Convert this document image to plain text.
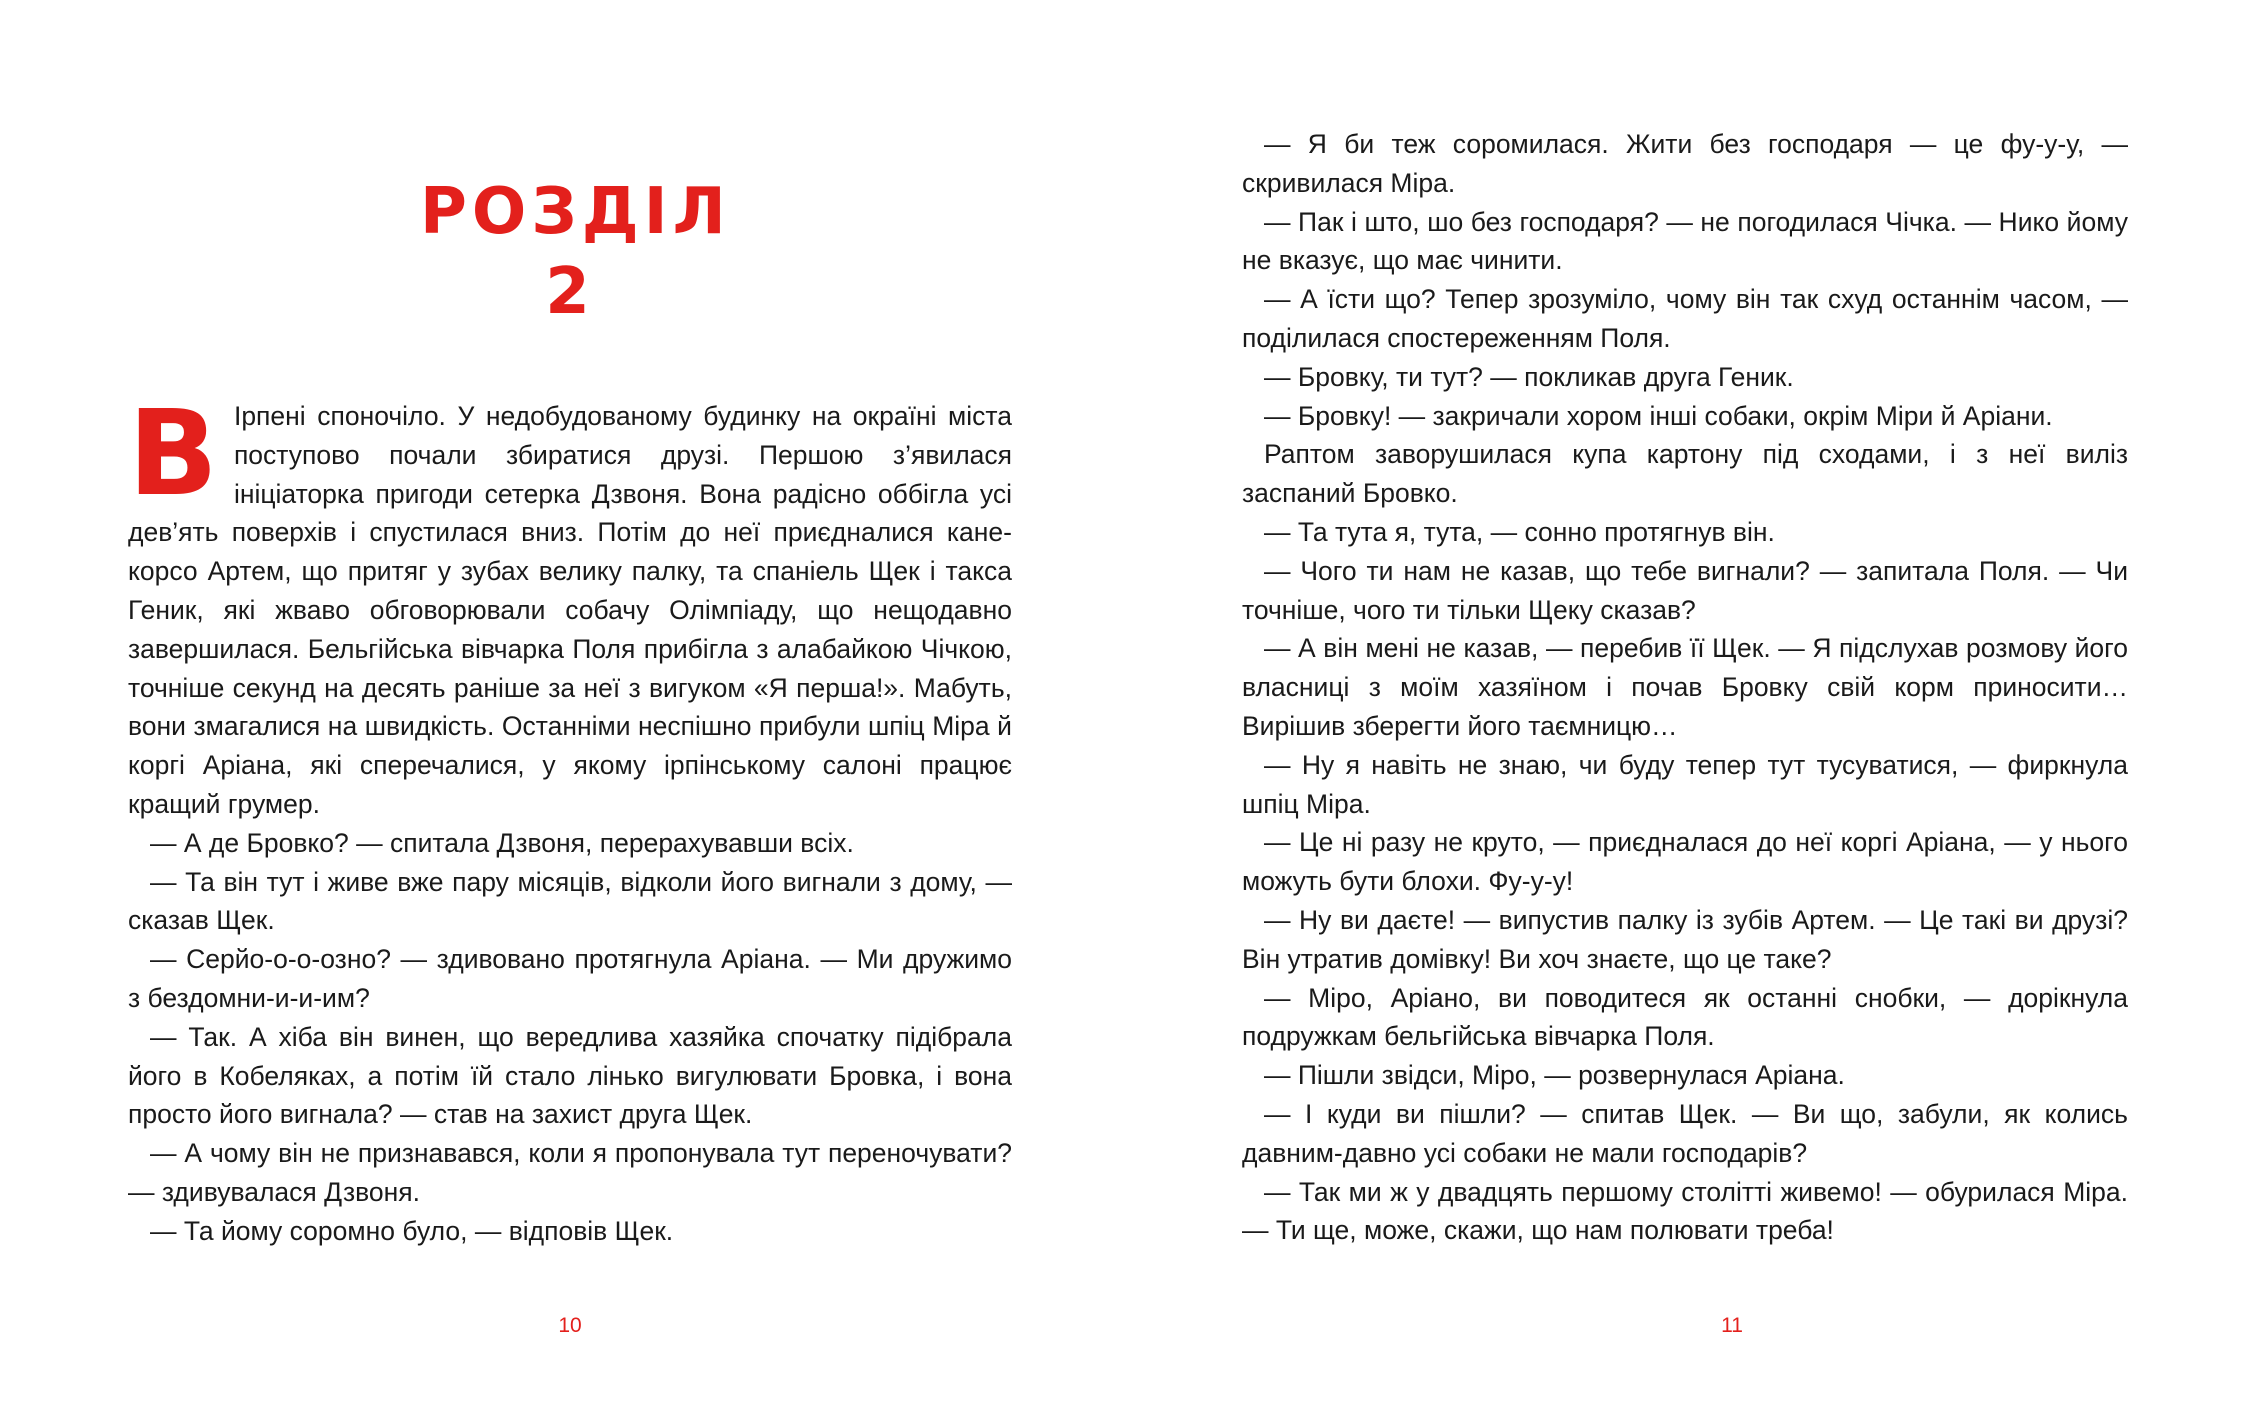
РОЗДІЛ 2

В Ірпені споночіло. У недобудованому будинку на окраїні міста поступово почали збиратися друзі. Першою з’явилася ініціаторка пригоди сетерка Дзвоня. Вона радісно оббігла усі дев’ять поверхів і спустилася вниз. Потім до неї приєдналися кане-корсо Артем, що притяг у зубах велику палку, та спаніель Щек і такса Геник, які жваво обговорювали собачу Олімпіаду, що нещодавно завершилася. Бельгійська вівчарка Поля прибігла з алабайкою Чічкою, точніше секунд на десять раніше за неї з вигуком «Я перша!». Мабуть, вони змагалися на швидкість. Останніми неспішно прибули шпіц Міра й коргі Аріана, які сперечалися, у якому ірпінському салоні працює кращий грумер.

— А де Бровко? — спитала Дзвоня, перерахувавши всіх.

— Та він тут і живе вже пару місяців, відколи його вигнали з дому, — сказав Щек.

— Серйо-о-о-озно? — здивовано протягнула Аріана. — Ми дружимо з бездомни-и-и-им?

— Так. А хіба він винен, що вередлива хазяйка спочатку підібрала його в Кобеляках, а потім їй стало лінько вигулювати Бровка, і вона просто його вигнала? — став на захист друга Щек.

— А чому він не признавався, коли я пропонувала тут переночувати? — здивувалася Дзвоня.

— Та йому соромно було, — відповів Щек.

10

— Я би теж соромилася. Жити без господаря — це фу-у-у, — скривилася Міра.

— Пак і што, шо без господаря? — не погодилася Чічка. — Нико йому не вказує, що має чинити.

— А їсти що? Тепер зрозуміло, чому він так схуд останнім часом, — поділилася спостереженням Поля.

— Бровку, ти тут? — покликав друга Геник.

— Бровку! — закричали хором інші собаки, окрім Міри й Аріани.

Раптом заворушилася купа картону під сходами, і з неї виліз заспаний Бровко.

— Та тута я, тута, — сонно протягнув він.

— Чого ти нам не казав, що тебе вигнали? — запитала Поля. — Чи точніше, чого ти тільки Щеку сказав?

— А він мені не казав, — перебив її Щек. — Я підслухав розмову його власниці з моїм хазяїном і почав Бровку свій корм приносити… Вирішив зберегти його таємницю…

— Ну я навіть не знаю, чи буду тепер тут тусуватися, — фиркнула шпіц Міра.

— Це ні разу не круто, — приєдналася до неї коргі Аріана, — у нього можуть бути блохи. Фу-у-у!

— Ну ви даєте! — випустив палку із зубів Артем. — Це такі ви друзі? Він утратив домівку! Ви хоч знаєте, що це таке?

— Міро, Аріано, ви поводитеся як останні снобки, — дорікнула подружкам бельгійська вівчарка Поля.

— Пішли звідси, Міро, — розвернулася Аріана.

— І куди ви пішли? — спитав Щек. — Ви що, забули, як колись давним-давно усі собаки не мали господарів?

— Так ми ж у двадцять першому столітті живемо! — обурилася Міра. — Ти ще, може, скажи, що нам полювати треба!

11
